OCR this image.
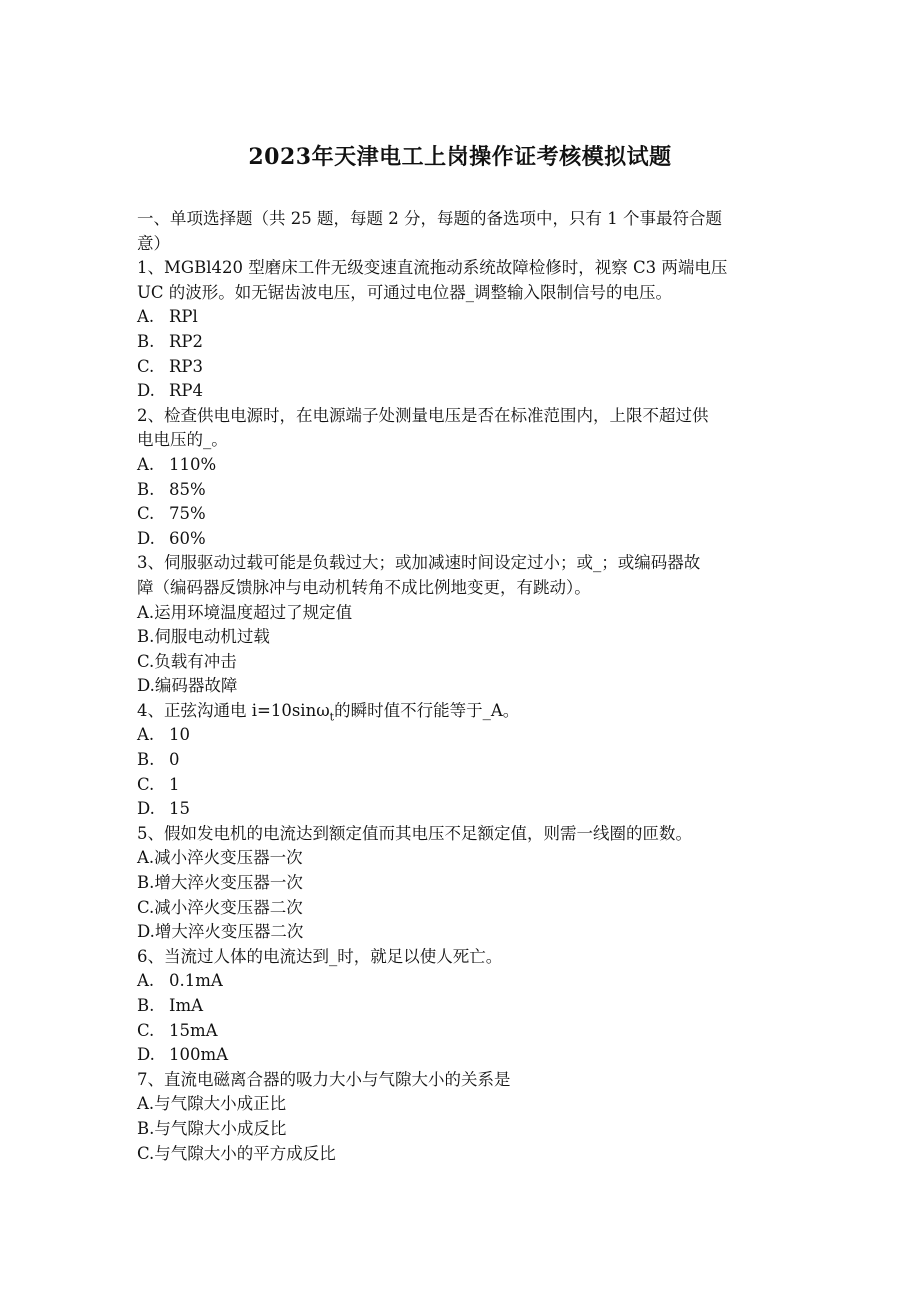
2023年天津电工上岗操作证考核模拟试题
一、单项选择题（共 25 题，每题 2 分，每题的备选项中，只有 1 个事最符合题
意）
1、MGBl420 型磨床工件无级变速直流拖动系统故障检修时，视察 C3 两端电压
UC 的波形。如无锯齿波电压，可通过电位器_调整输入限制信号的电压。
A. RPl
B. RP2
C. RP3
D. RP4
2、检查供电电源时，在电源端子处测量电压是否在标准范围内，上限不超过供
电电压的_。
A. 110%
B. 85%
C. 75%
D. 60%
3、伺服驱动过载可能是负载过大；或加减速时间设定过小；或_；或编码器故
障（编码器反馈脉冲与电动机转角不成比例地变更，有跳动）。
A.运用环境温度超过了规定值
B.伺服电动机过载
C.负载有冲击
D.编码器故障
4、正弦沟通电 i=10sinω$_t$的瞬时值不行能等于_A。
A. 10
B. 0
C. 1
D. 15
5、假如发电机的电流达到额定值而其电压不足额定值，则需一线圈的匝数。
A.减小淬火变压器一次
B.增大淬火变压器一次
C.减小淬火变压器二次
D.增大淬火变压器二次
6、当流过人体的电流达到_时，就足以使人死亡。
A. 0.1mA
B. ImA
C. 15mA
D. 100mA
7、直流电磁离合器的吸力大小与气隙大小的关系是
A.与气隙大小成正比
B.与气隙大小成反比
C.与气隙大小的平方成反比
